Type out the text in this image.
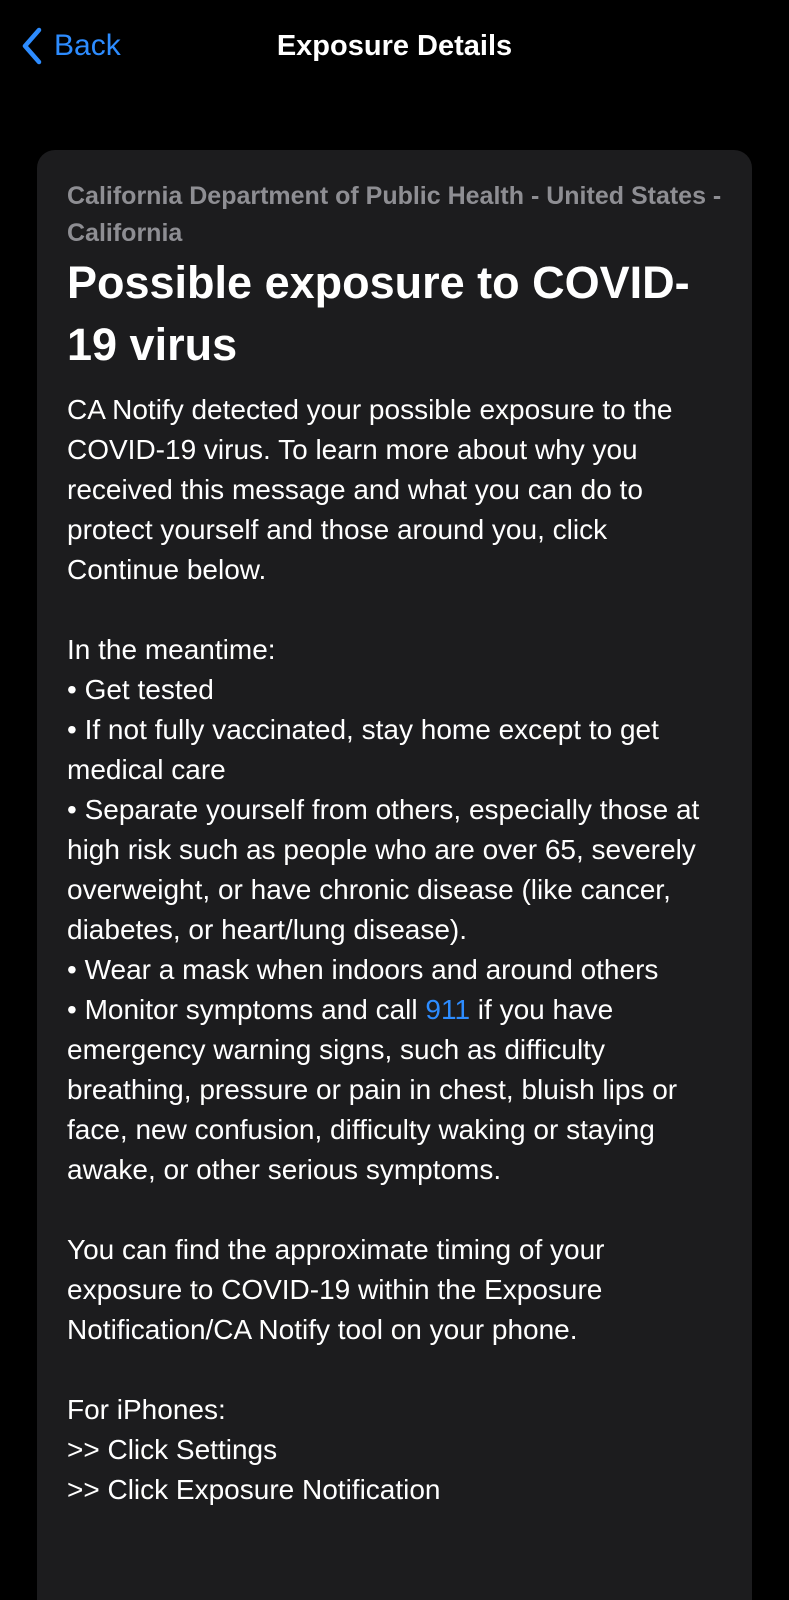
Back	Exposure Details

California Department of Public Health - United States - California

Possible exposure to COVID-19 virus

CA Notify detected your possible exposure to the COVID-19 virus. To learn more about why you received this message and what you can do to protect yourself and those around you, click Continue below.

In the meantime:
• Get tested
• If not fully vaccinated, stay home except to get medical care
• Separate yourself from others, especially those at high risk such as people who are over 65, severely overweight, or have chronic disease (like cancer, diabetes, or heart/lung disease).
• Wear a mask when indoors and around others
• Monitor symptoms and call 911 if you have emergency warning signs, such as difficulty breathing, pressure or pain in chest, bluish lips or face, new confusion, difficulty waking or staying awake, or other serious symptoms.

You can find the approximate timing of your exposure to COVID-19 within the Exposure Notification/CA Notify tool on your phone.

For iPhones:
>> Click Settings
>> Click Exposure Notification
